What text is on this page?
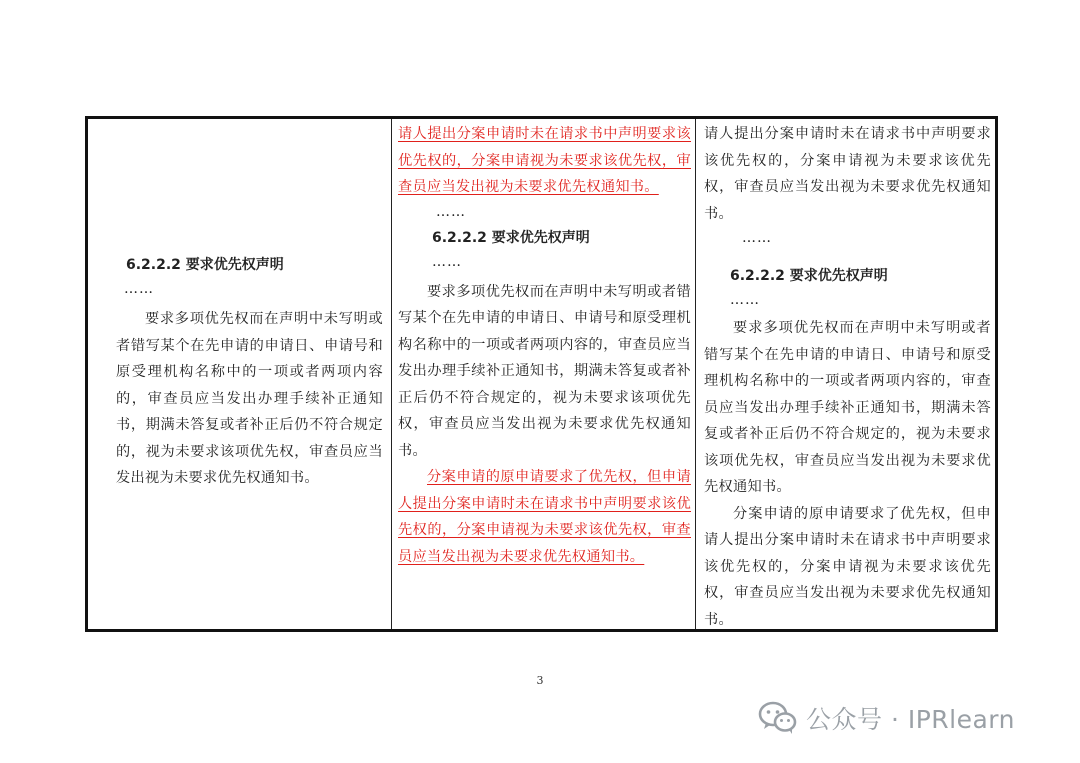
6.2.2.2 要求优先权声明

……

要求多项优先权而在声明中未写明或者错写某个在先申请的申请日、申请号和原受理机构名称中的一项或者两项内容的，审查员应当发出办理手续补正通知书，期满未答复或者补正后仍不符合规定的，视为未要求该项优先权，审查员应当发出视为未要求优先权通知书。

请人提出分案申请时未在请求书中声明要求该优先权的，分案申请视为未要求该优先权，审查员应当发出视为未要求优先权通知书。

……

6.2.2.2 要求优先权声明

……

要求多项优先权而在声明中未写明或者错写某个在先申请的申请日、申请号和原受理机构名称中的一项或者两项内容的，审查员应当发出办理手续补正通知书，期满未答复或者补正后仍不符合规定的，视为未要求该项优先权，审查员应当发出视为未要求优先权通知书。

分案申请的原申请要求了优先权，但申请人提出分案申请时未在请求书中声明要求该优先权的，分案申请视为未要求该优先权，审查员应当发出视为未要求优先权通知书。

请人提出分案申请时未在请求书中声明要求该优先权的，分案申请视为未要求该优先权，审查员应当发出视为未要求优先权通知书。

……

6.2.2.2 要求优先权声明

……

要求多项优先权而在声明中未写明或者错写某个在先申请的申请日、申请号和原受理机构名称中的一项或者两项内容的，审查员应当发出办理手续补正通知书，期满未答复或者补正后仍不符合规定的，视为未要求该项优先权，审查员应当发出视为未要求优先权通知书。

分案申请的原申请要求了优先权，但申请人提出分案申请时未在请求书中声明要求该优先权的，分案申请视为未要求该优先权，审查员应当发出视为未要求优先权通知书。

3
公众号 · IPRlearn
